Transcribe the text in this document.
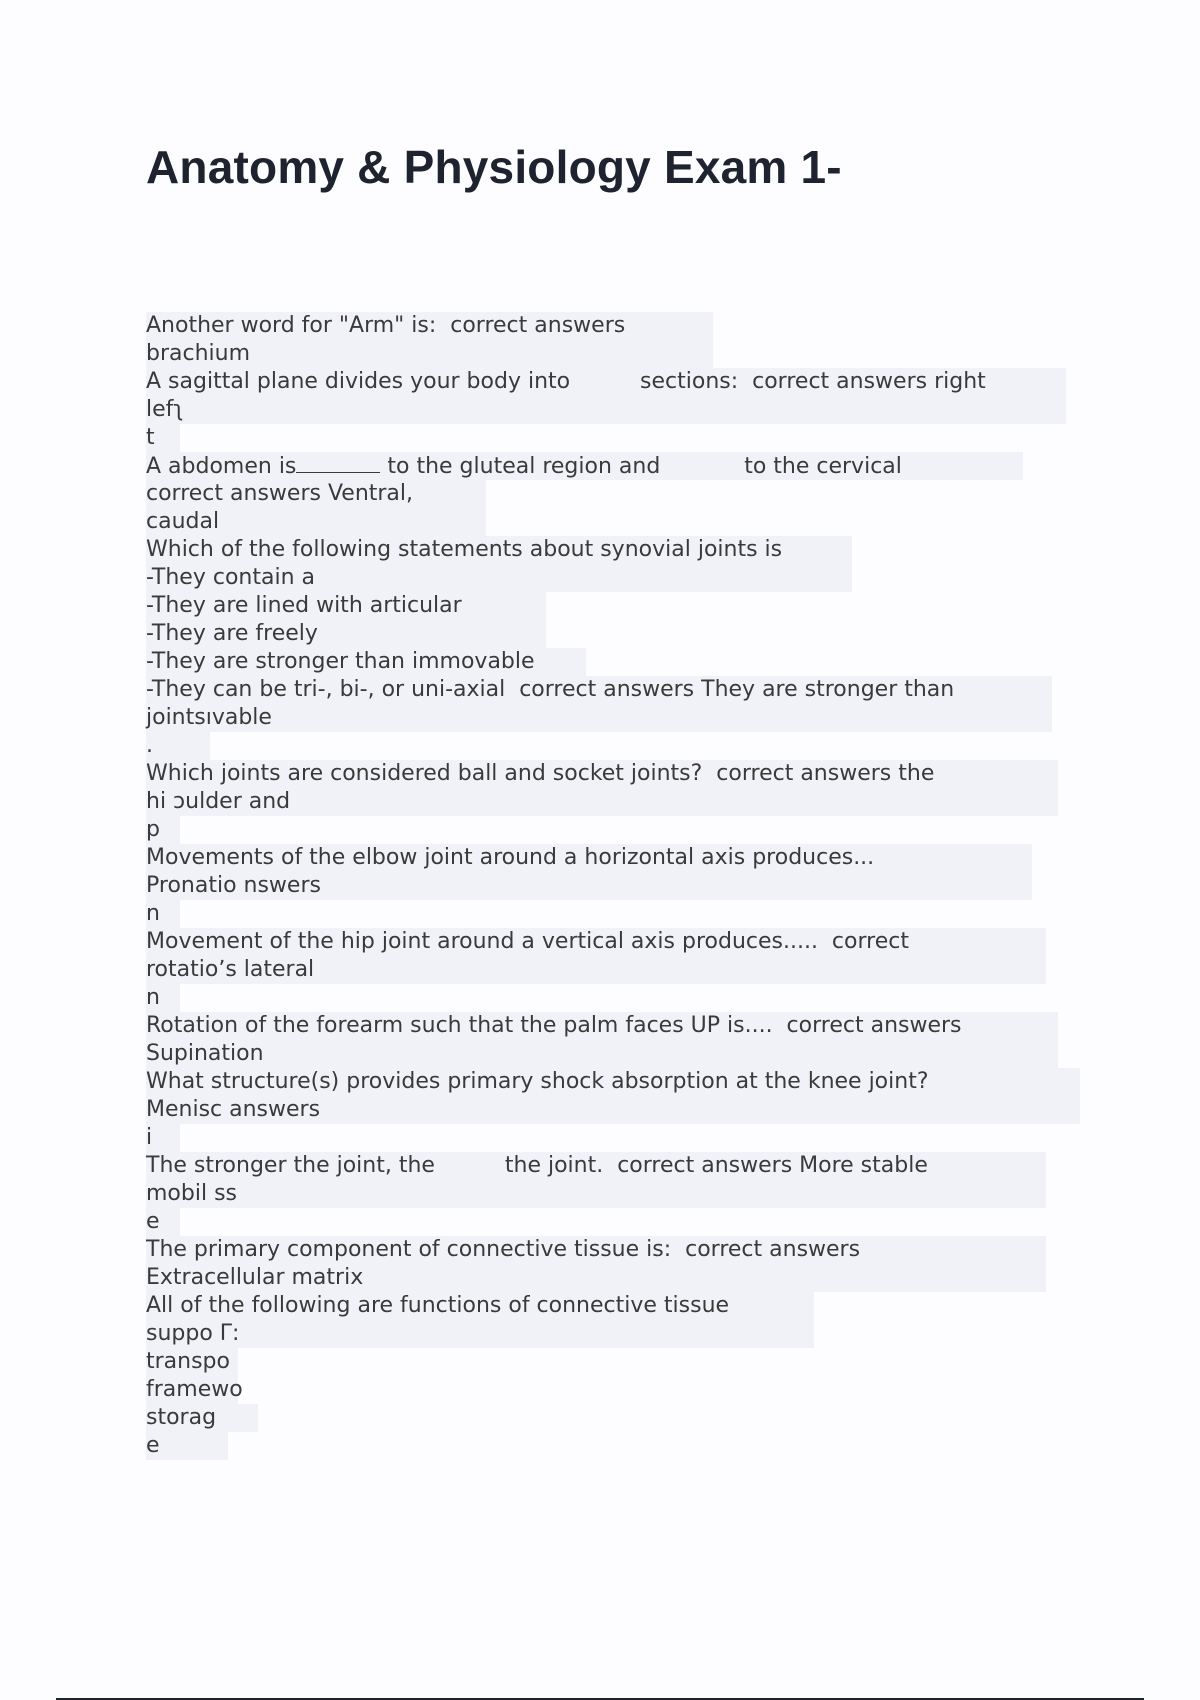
Anatomy & Physiology Exam 1-
Another word for "Arm" is:  correct answers
brachium
A sagittal plane divides your body into          sections:  correct answers right
lefʅ
t
A abdomen is	to the gluteal region and            to the cervical
correct answers Ventral,
caudal
Which of the following statements about synovial joints is
-They contain a
-They are lined with articular
-They are freely
-They are stronger than immovable
-They can be tri-, bi-, or uni-axial  correct answers They are stronger than
jointsıvable
.
Which joints are considered ball and socket joints?  correct answers the
hi ɔulder and
p
Movements of the elbow joint around a horizontal axis produces...
Pronatio nswers
n
Movement of the hip joint around a vertical axis produces.....  correct
rotatioʼs lateral
n
Rotation of the forearm such that the palm faces UP is....  correct answers
Supination
What structure(s) provides primary shock absorption at the knee joint?
Menisc answers
i
The stronger the joint, the          the joint.  correct answers More stable
mobil ss
e
The primary component of connective tissue is:  correct answers
Extracellular matrix
All of the following are functions of connective tissue
suppo Γ:
transpo
framewo
storag
e
